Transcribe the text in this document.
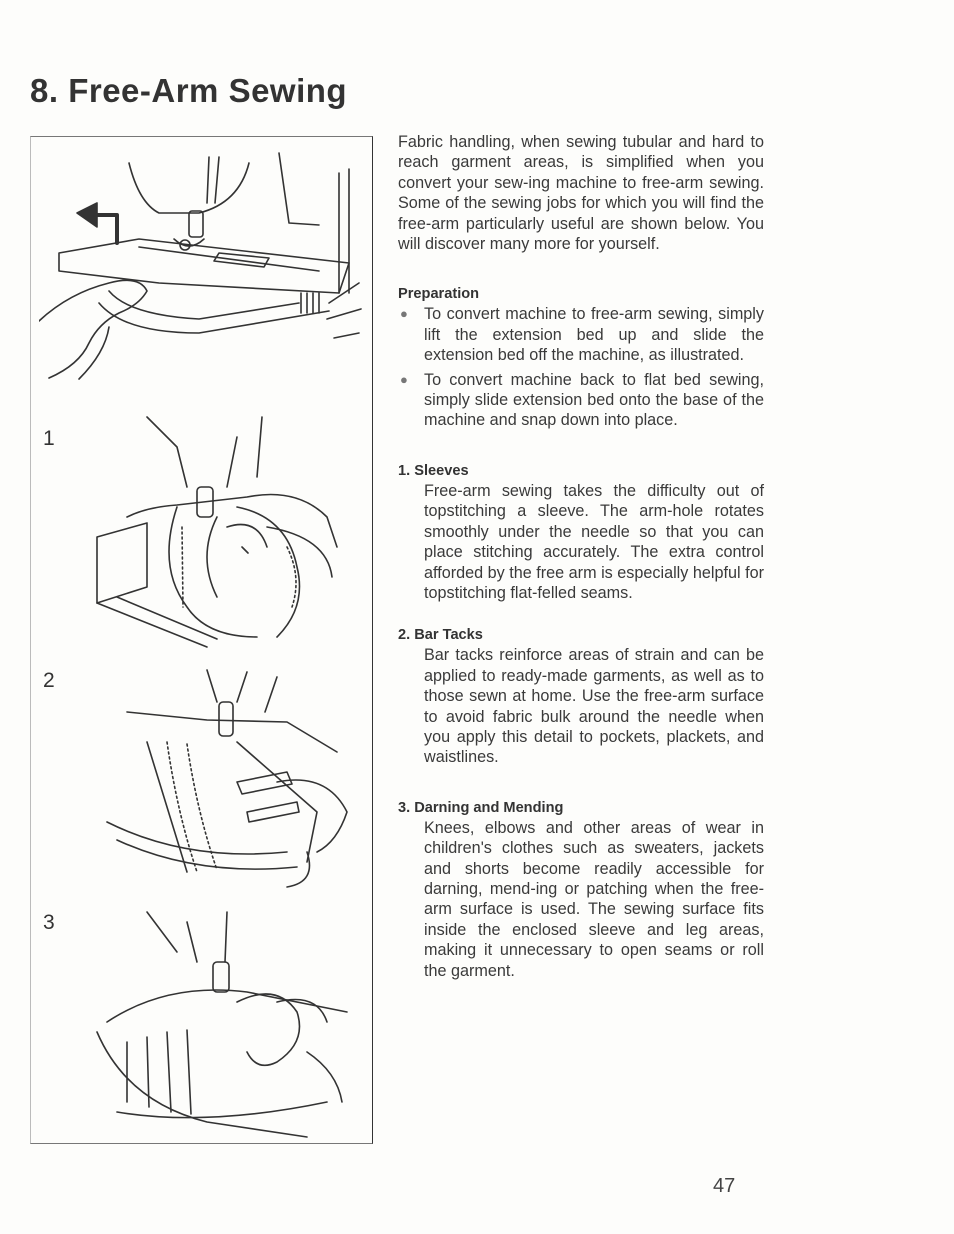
8. Free-Arm Sewing
1
2
3

Fabric handling, when sewing tubular and hard to reach garment areas, is simplified when you convert your sew-ing machine to free-arm sewing. Some of the sewing jobs for which you will find the free-arm particularly useful are shown below. You will discover many more for yourself.

Preparation
● To convert machine to free-arm sewing, simply lift the extension bed up and slide the extension bed off the machine, as illustrated.
● To convert machine back to flat bed sewing, simply slide extension bed onto the base of the machine and snap down into place.
1. Sleeves

Free-arm sewing takes the difficulty out of topstitching a sleeve. The arm-hole rotates smoothly under the needle so that you can place stitching accurately. The extra control afforded by the free arm is especially helpful for topstitching flat-felled seams.

2. Bar Tacks

Bar tacks reinforce areas of strain and can be applied to ready-made garments, as well as to those sewn at home. Use the free-arm surface to avoid fabric bulk around the needle when you apply this detail to pockets, plackets, and waistlines.

3. Darning and Mending

Knees, elbows and other areas of wear in children's clothes such as sweaters, jackets and shorts become readily accessible for darning, mend-ing or patching when the free-arm surface is used. The sewing surface fits inside the enclosed sleeve and leg areas, making it unnecessary to open seams or roll the garment.

47
